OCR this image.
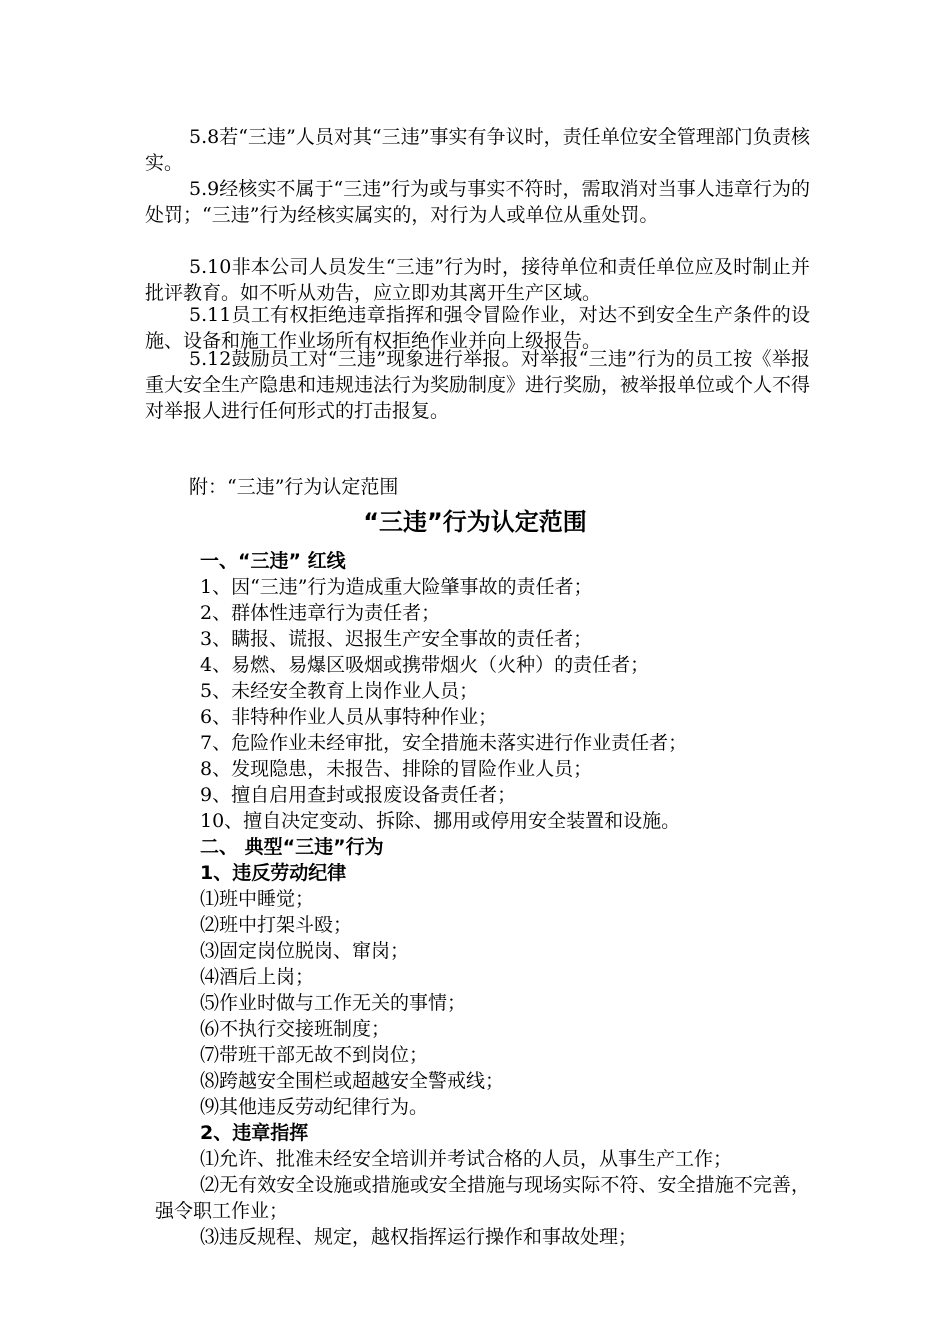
5.8若“三违”人员对其“三违”事实有争议时，责任单位安全管理部门负责核实。

5.9经核实不属于“三违”行为或与事实不符时，需取消对当事人违章行为的处罚；“三违”行为经核实属实的，对行为人或单位从重处罚。

5.10非本公司人员发生“三违”行为时，接待单位和责任单位应及时制止并批评教育。如不听从劝告，应立即劝其离开生产区域。

5.11员工有权拒绝违章指挥和强令冒险作业，对达不到安全生产条件的设施、设备和施工作业场所有权拒绝作业并向上级报告。

5.12鼓励员工对“三违”现象进行举报。对举报“三违”行为的员工按《举报重大安全生产隐患和违规违法行为奖励制度》进行奖励，被举报单位或个人不得对举报人进行任何形式的打击报复。

附：“三违”行为认定范围

“三违”行为认定范围

一、“三违” 红线

1、因“三违”行为造成重大险肇事故的责任者；

2、群体性违章行为责任者；

3、瞒报、谎报、迟报生产安全事故的责任者；

4、易燃、易爆区吸烟或携带烟火（火种）的责任者；

5、未经安全教育上岗作业人员；

6、非特种作业人员从事特种作业；

7、危险作业未经审批，安全措施未落实进行作业责任者；

8、发现隐患，未报告、排除的冒险作业人员；

9、擅自启用查封或报废设备责任者；

10、擅自决定变动、拆除、挪用或停用安全装置和设施。

二、 典型“三违”行为

1、违反劳动纪律

⑴班中睡觉；

⑵班中打架斗殴；

⑶固定岗位脱岗、窜岗；

⑷酒后上岗；

⑸作业时做与工作无关的事情；

⑹不执行交接班制度；

⑺带班干部无故不到岗位；

⑻跨越安全围栏或超越安全警戒线；

⑼其他违反劳动纪律行为。

2、违章指挥

⑴允许、批准未经安全培训并考试合格的人员，从事生产工作；

⑵无有效安全设施或措施或安全措施与现场实际不符、安全措施不完善，强令职工作业；

⑶违反规程、规定，越权指挥运行操作和事故处理；
